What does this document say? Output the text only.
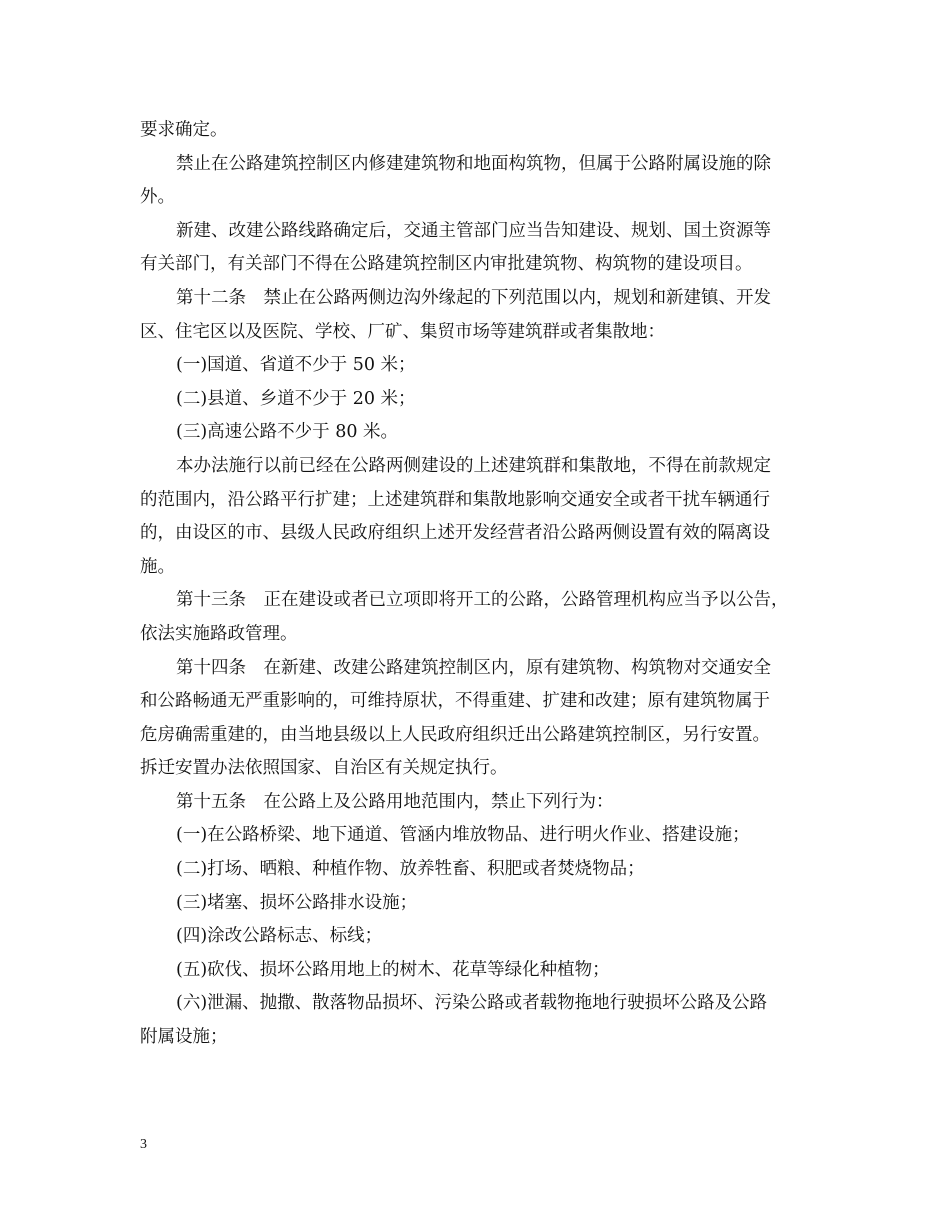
要求确定。
禁止在公路建筑控制区内修建建筑物和地面构筑物，但属于公路附属设施的除
外。
新建、改建公路线路确定后，交通主管部门应当告知建设、规划、国土资源等
有关部门，有关部门不得在公路建筑控制区内审批建筑物、构筑物的建设项目。
第十二条　禁止在公路两侧边沟外缘起的下列范围以内，规划和新建镇、开发
区、住宅区以及医院、学校、厂矿、集贸市场等建筑群或者集散地：
(一)国道、省道不少于 50 米；
(二)县道、乡道不少于 20 米；
(三)高速公路不少于 80 米。
本办法施行以前已经在公路两侧建设的上述建筑群和集散地，不得在前款规定
的范围内，沿公路平行扩建；上述建筑群和集散地影响交通安全或者干扰车辆通行
的，由设区的市、县级人民政府组织上述开发经营者沿公路两侧设置有效的隔离设
施。
第十三条　正在建设或者已立项即将开工的公路，公路管理机构应当予以公告，
依法实施路政管理。
第十四条　在新建、改建公路建筑控制区内，原有建筑物、构筑物对交通安全
和公路畅通无严重影响的，可维持原状，不得重建、扩建和改建；原有建筑物属于
危房确需重建的，由当地县级以上人民政府组织迁出公路建筑控制区，另行安置。
拆迁安置办法依照国家、自治区有关规定执行。
第十五条　在公路上及公路用地范围内，禁止下列行为：
(一)在公路桥梁、地下通道、管涵内堆放物品、进行明火作业、搭建设施；
(二)打场、晒粮、种植作物、放养牲畜、积肥或者焚烧物品；
(三)堵塞、损坏公路排水设施；
(四)涂改公路标志、标线；
(五)砍伐、损坏公路用地上的树木、花草等绿化种植物；
(六)泄漏、抛撒、散落物品损坏、污染公路或者载物拖地行驶损坏公路及公路
附属设施；
3
